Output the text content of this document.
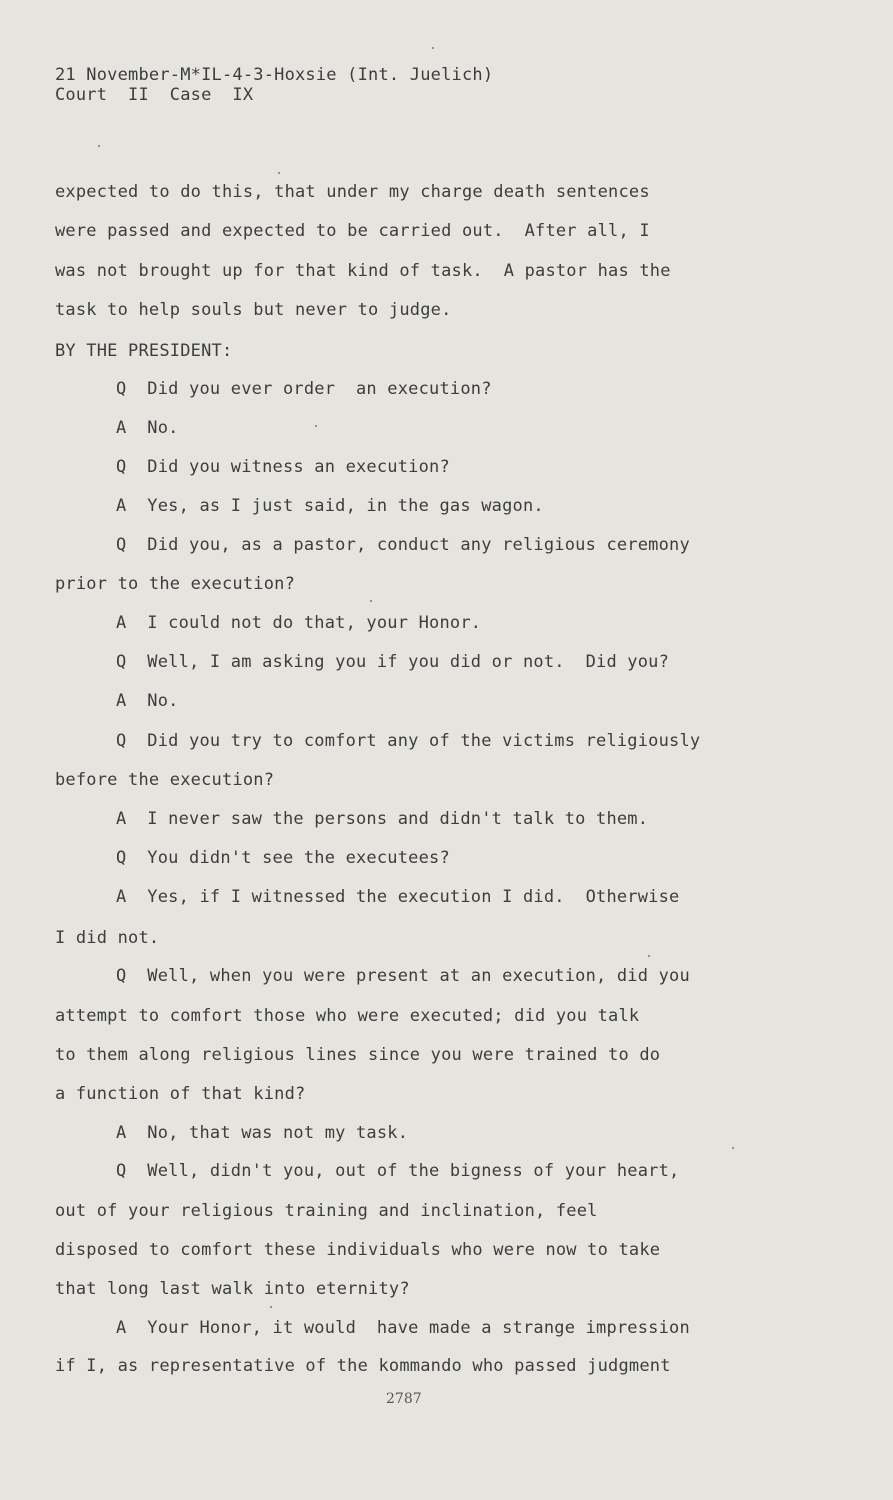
21 November-M*IL-4-3-Hoxsie (Int. Juelich)
Court  II  Case  IX
expected to do this, that under my charge death sentences
were passed and expected to be carried out.  After all, I
was not brought up for that kind of task.  A pastor has the
task to help souls but never to judge.
BY THE PRESIDENT:
Q  Did you ever order  an execution?
A  No.
Q  Did you witness an execution?
A  Yes, as I just said, in the gas wagon.
Q  Did you, as a pastor, conduct any religious ceremony
prior to the execution?
A  I could not do that, your Honor.
Q  Well, I am asking you if you did or not.  Did you?
A  No.
Q  Did you try to comfort any of the victims religiously
before the execution?
A  I never saw the persons and didn't talk to them.
Q  You didn't see the executees?
A  Yes, if I witnessed the execution I did.  Otherwise
I did not.
Q  Well, when you were present at an execution, did you
attempt to comfort those who were executed; did you talk
to them along religious lines since you were trained to do
a function of that kind?
A  No, that was not my task.
Q  Well, didn't you, out of the bigness of your heart,
out of your religious training and inclination, feel
disposed to comfort these individuals who were now to take
that long last walk into eternity?
A  Your Honor, it would  have made a strange impression
if I, as representative of the kommando who passed judgment
2787
